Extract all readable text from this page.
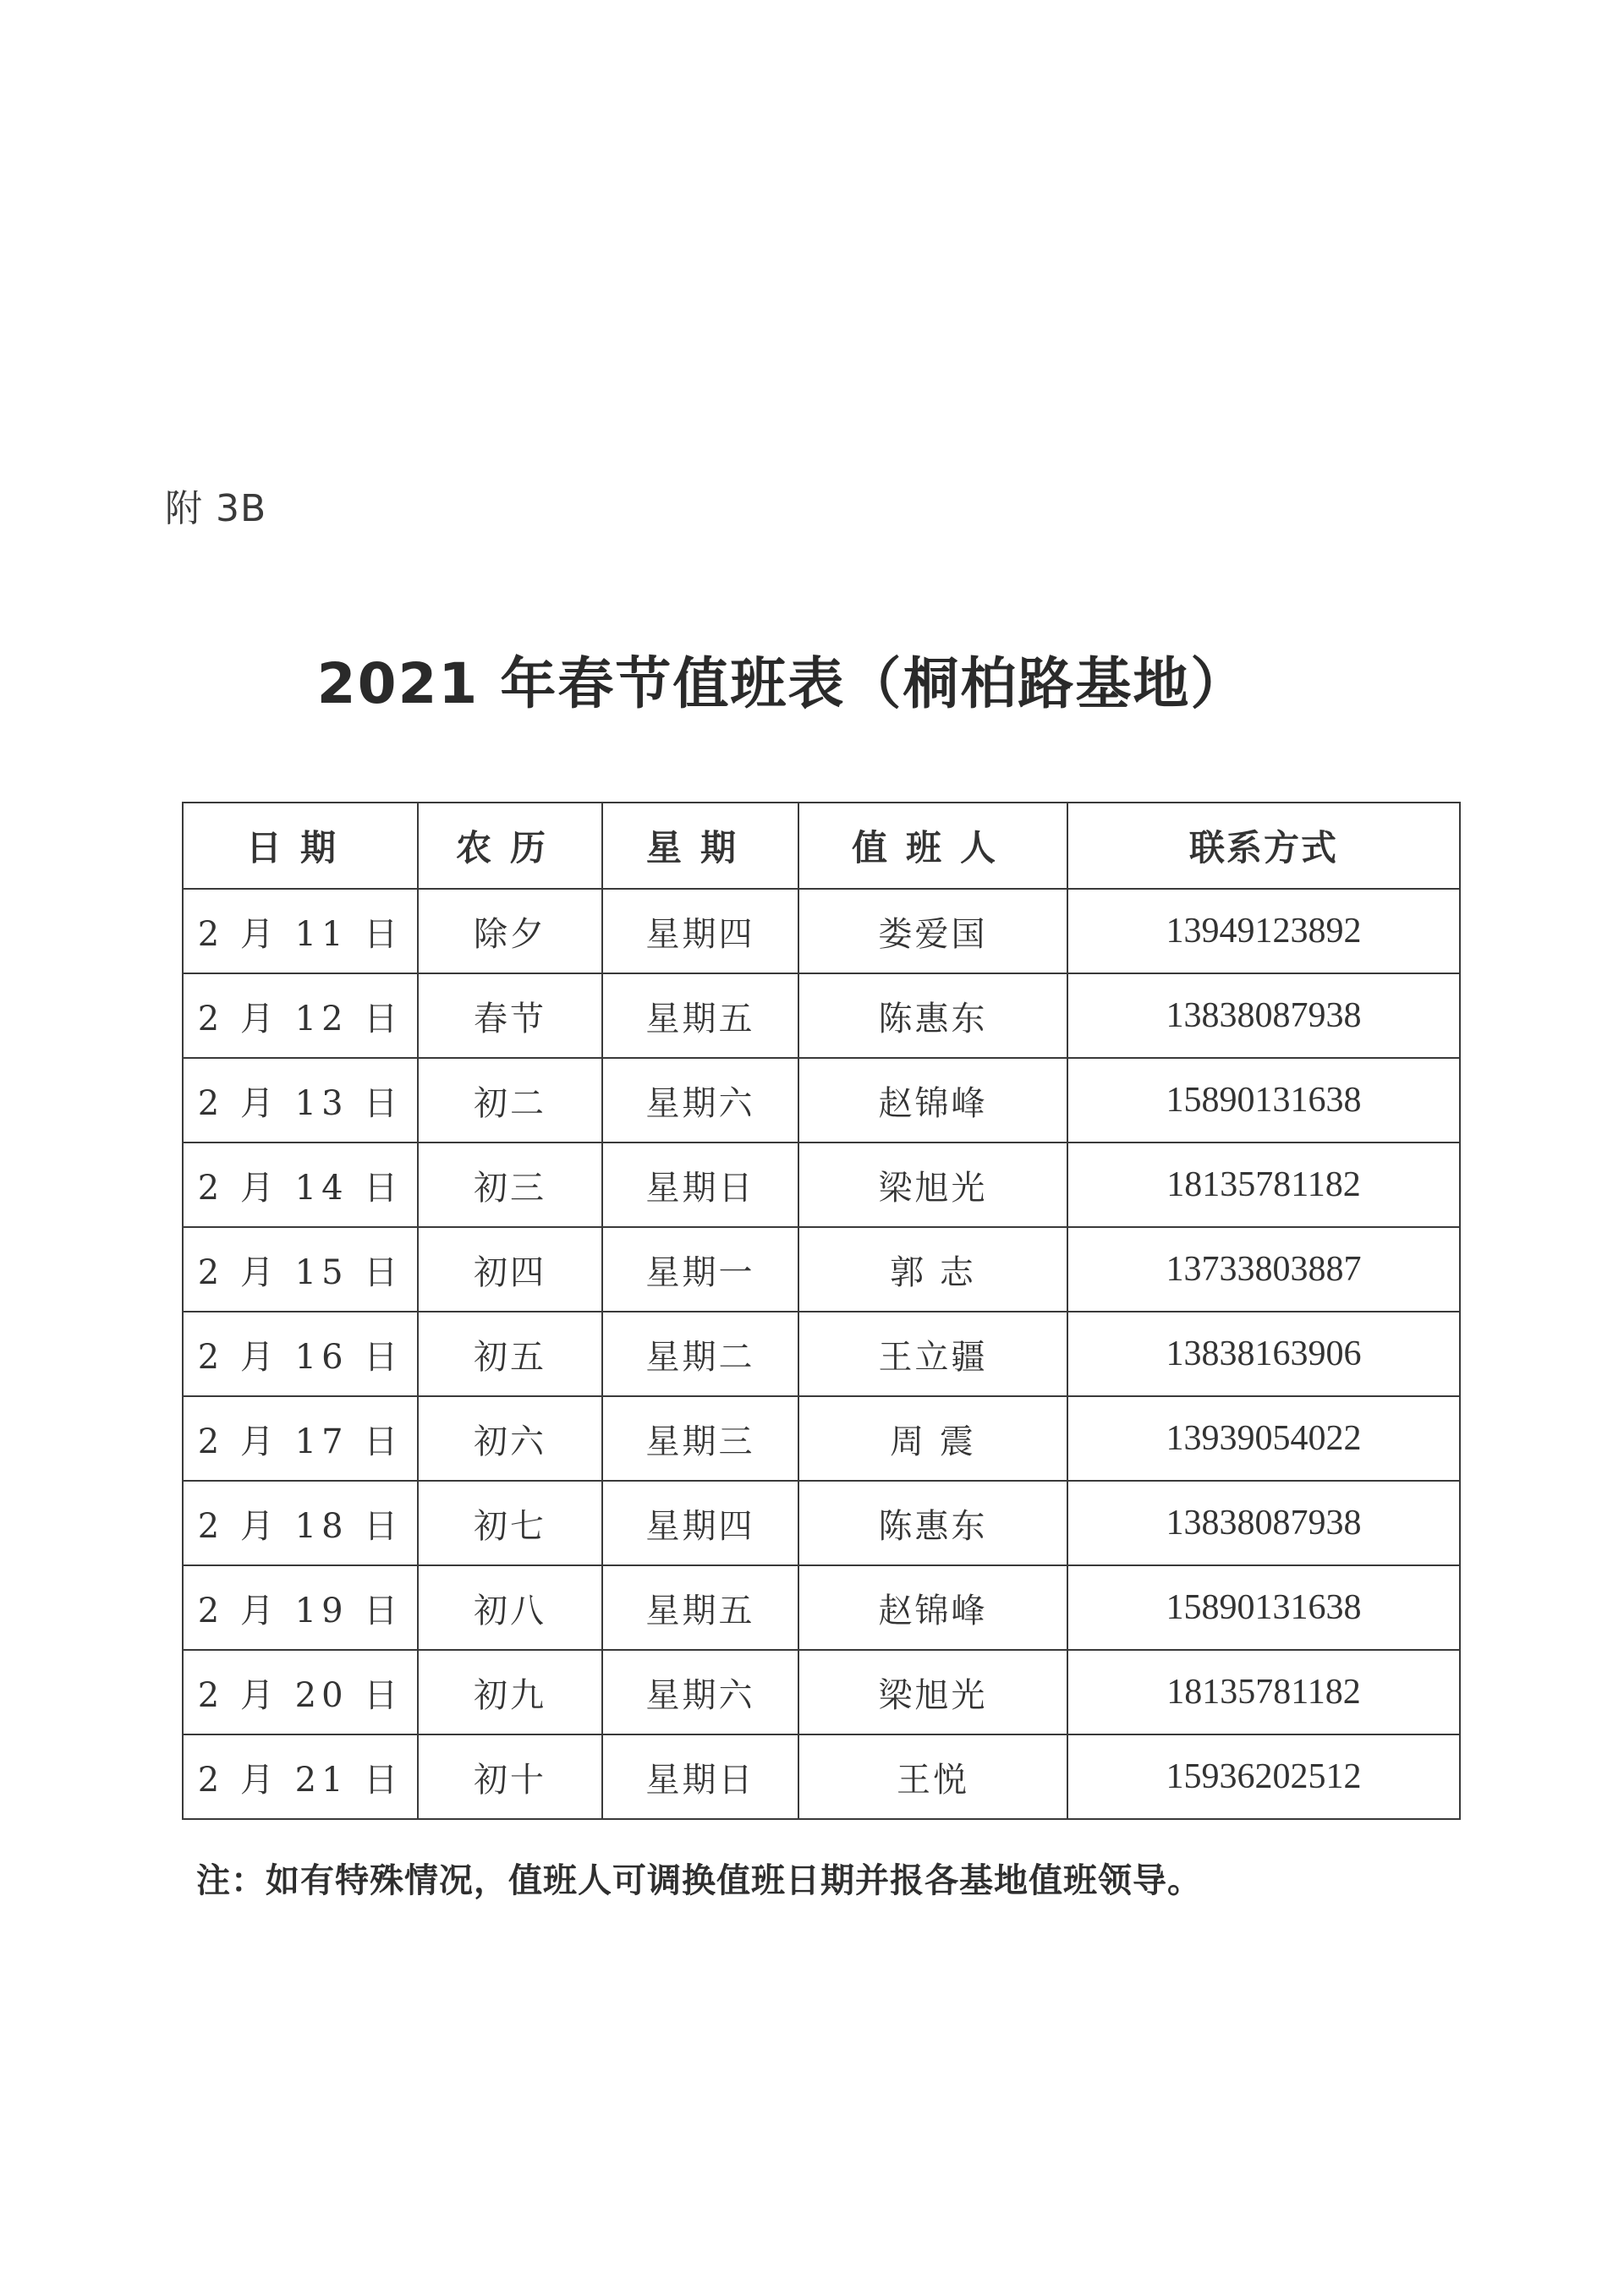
附 3B
2021 年春节值班表（桐柏路基地）
日期	农历	星期	值班人	联系方式
2 月 11 日	除夕	星期四	娄爱国	13949123892
2 月 12 日	春节	星期五	陈惠东	13838087938
2 月 13 日	初二	星期六	赵锦峰	15890131638
2 月 14 日	初三	星期日	梁旭光	18135781182
2 月 15 日	初四	星期一	郭 志	13733803887
2 月 16 日	初五	星期二	王立疆	13838163906
2 月 17 日	初六	星期三	周 震	13939054022
2 月 18 日	初七	星期四	陈惠东	13838087938
2 月 19 日	初八	星期五	赵锦峰	15890131638
2 月 20 日	初九	星期六	梁旭光	18135781182
2 月 21 日	初十	星期日	王悦	15936202512
注：如有特殊情况，值班人可调换值班日期并报各基地值班领导。
